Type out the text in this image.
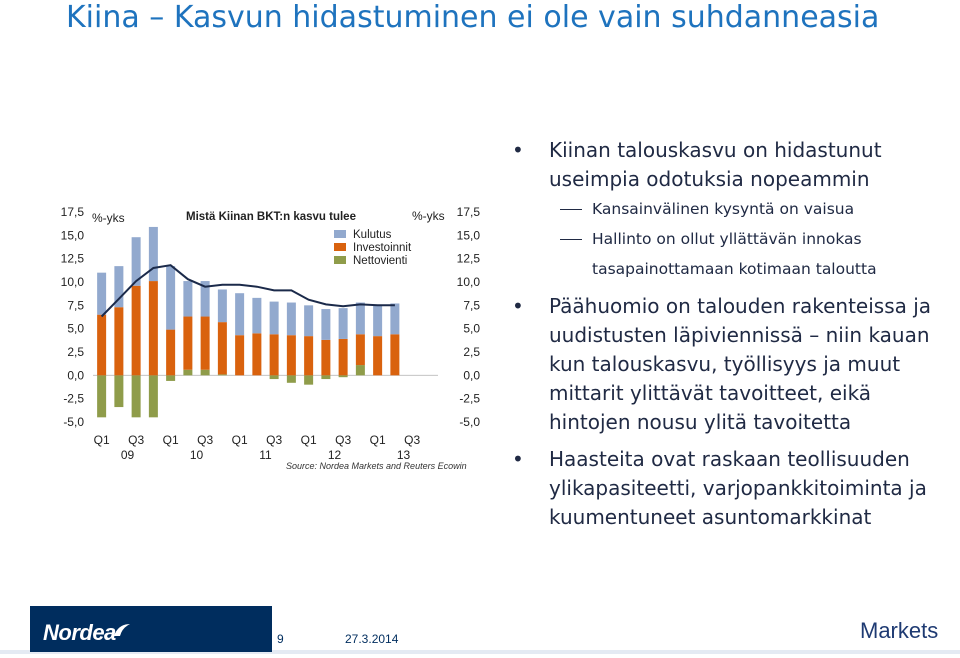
Kiina – Kasvun hidastuminen ei ole vain suhdanneasia
17,5
15,0
12,5
10,0
7,5
5,0
2,5
0,0
-2,5
-5,0
17,5
15,0
12,5
10,0
7,5
5,0
2,5
0,0
-2,5
-5,0
Q1 Q3 Q1 Q3 Q1 Q3 Q1 Q3 Q1 Q3
09	10	11	12	13
%-yks	%-yks
Mistä Kiinan BKT:n kasvu tulee
Kulutus
Investoinnit
Nettovienti
Source: Nordea Markets and Reuters Ecowin
• Kiinan talouskasvu on hidastunut useimpia odotuksia nopeammin
Kansainvälinen kysyntä on vaisua
Hallinto on ollut yllättävän innokas tasapainottamaan kotimaan taloutta
• Päähuomio on talouden rakenteissa ja uudistusten läpiviennissä – niin kauan kun talouskasvu, työllisyys ja muut mittarit ylittävät tavoitteet, eikä hintojen nousu ylitä tavoitetta
• Haasteita ovat raskaan teollisuuden ylikapasiteetti, varjopankkitoiminta ja kuumentuneet asuntomarkkinat
Nordea	9	27.3.2014	Markets
